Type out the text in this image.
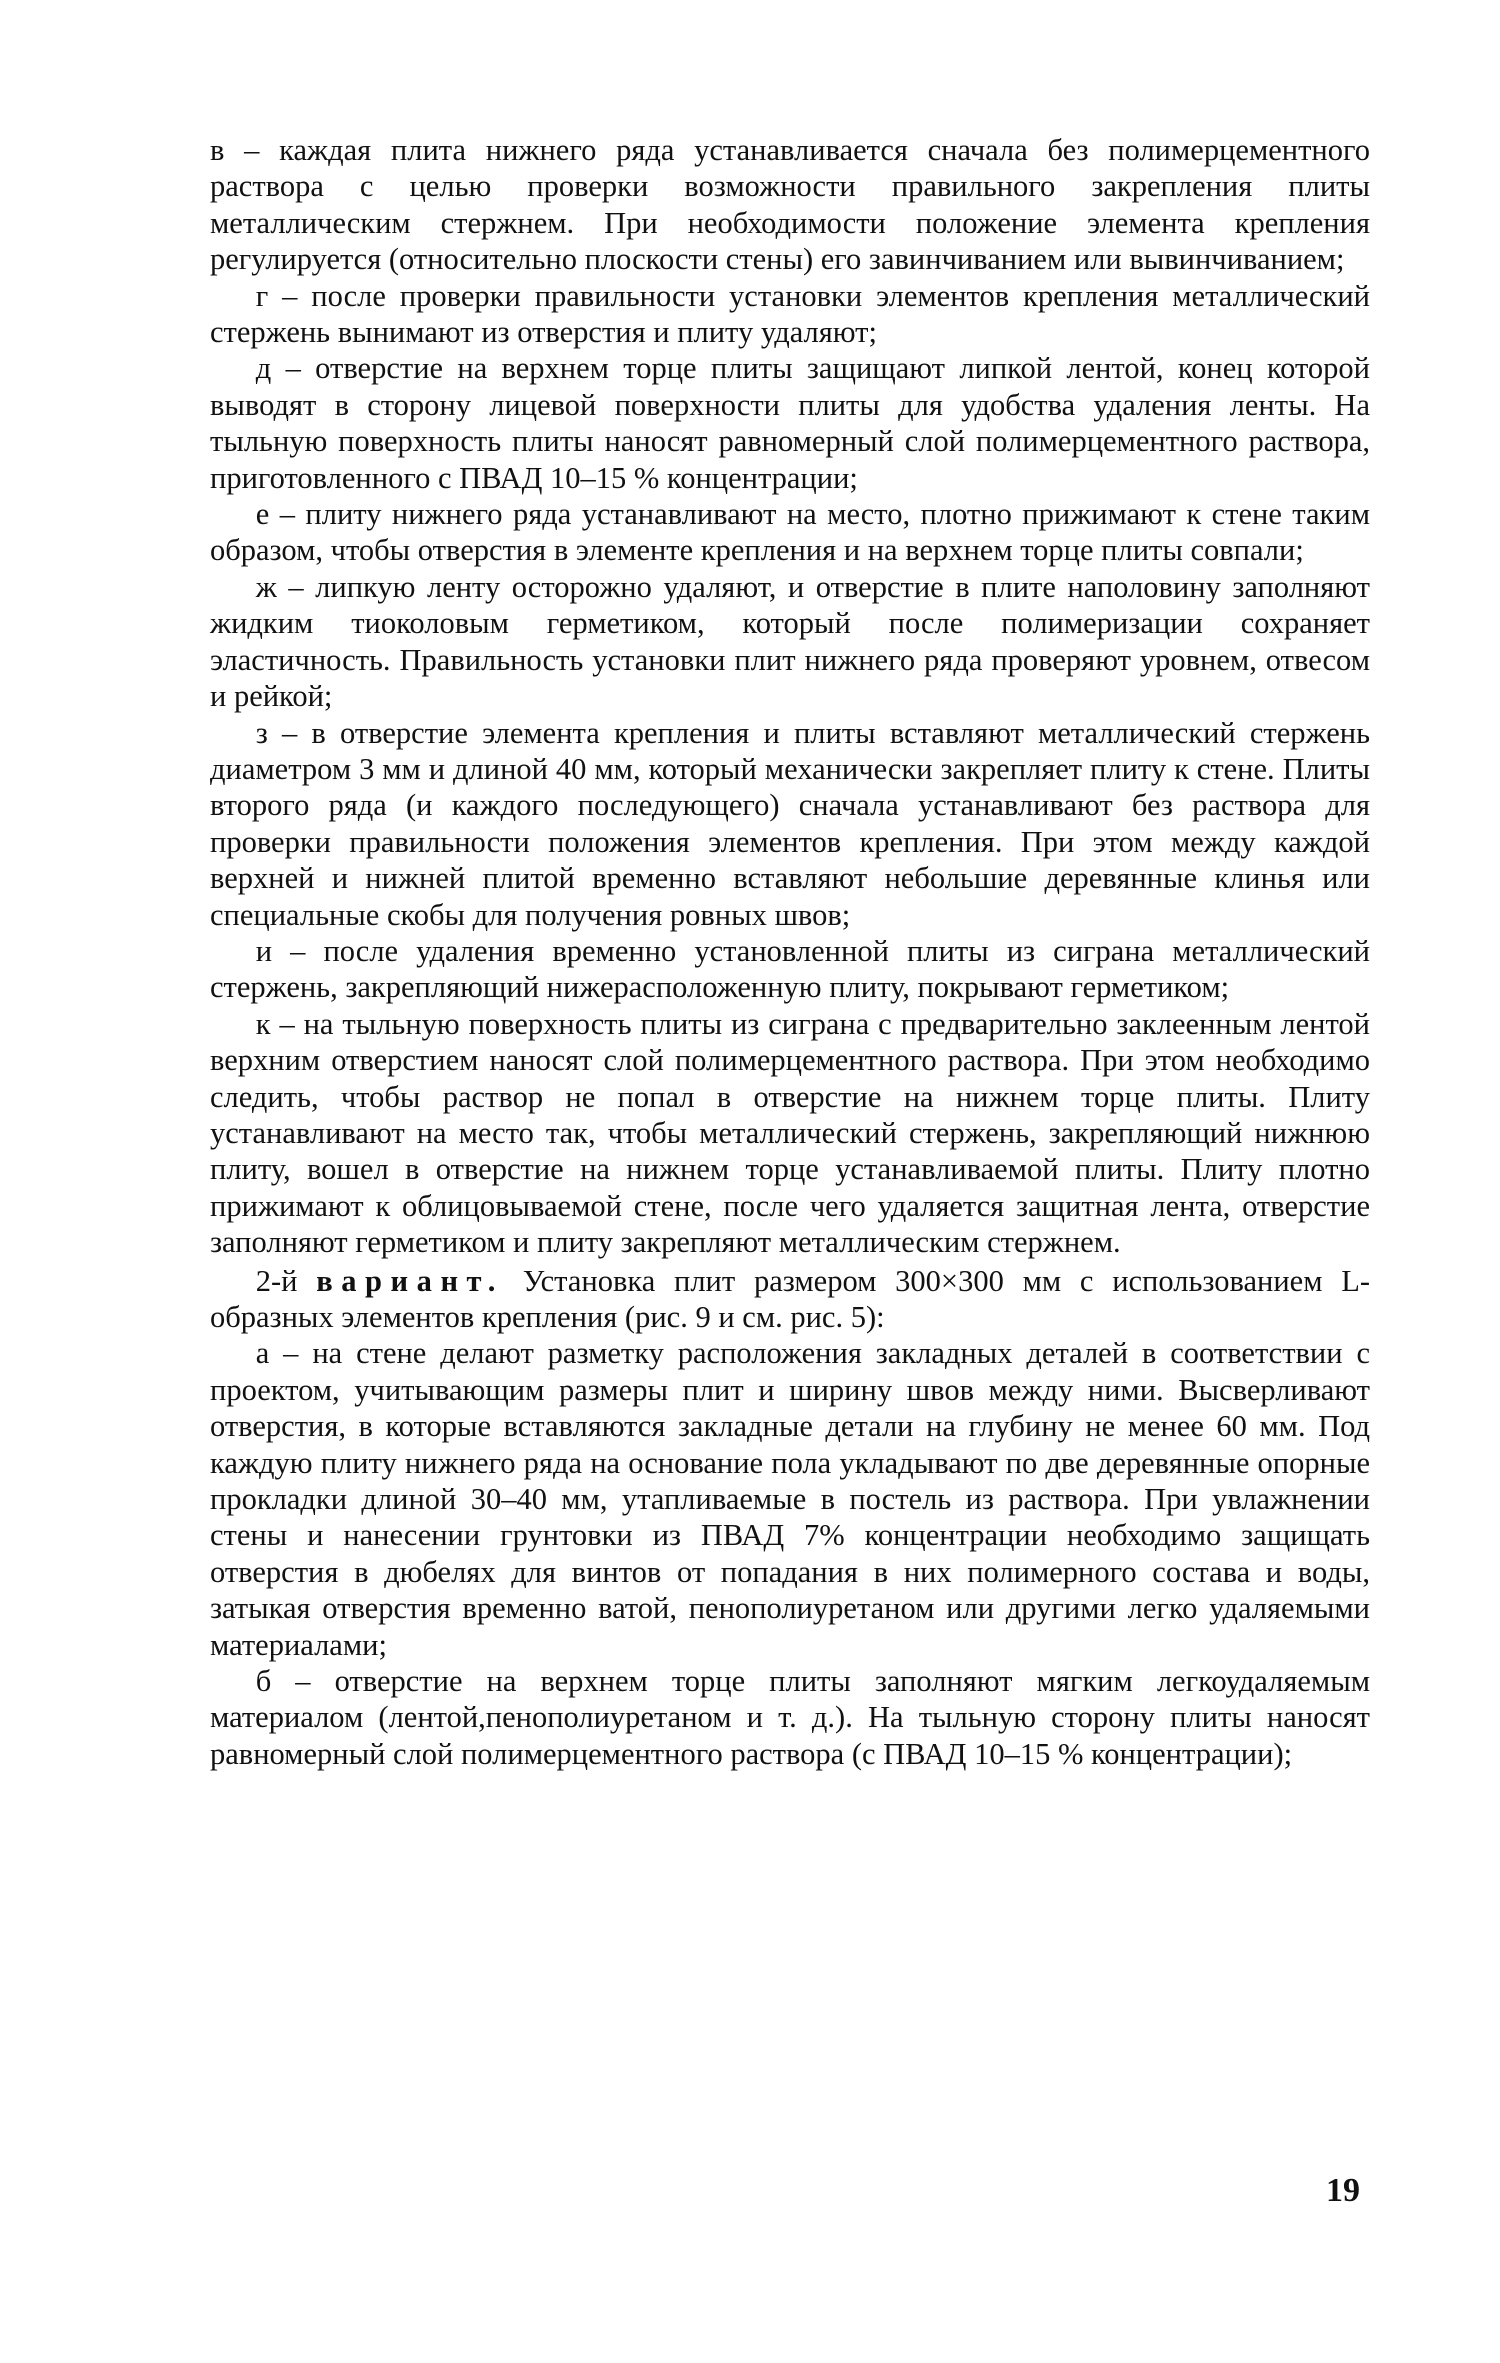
в – каждая плита нижнего ряда устанавливается сначала без полимерцементного раствора с целью проверки возможности правильного закрепления плиты металлическим стержнем. При необходимости положение элемента крепления регулируется (относительно плоскости стены) его завинчиванием или вывинчиванием;

г – после проверки правильности установки элементов крепления металлический стержень вынимают из отверстия и плиту удаляют;

д – отверстие на верхнем торце плиты защищают липкой лентой, конец которой выводят в сторону лицевой поверхности плиты для удобства удаления ленты. На тыльную поверхность плиты наносят равномерный слой полимерцементного раствора, приготовленного с ПВАД 10–15 % концентрации;

е – плиту нижнего ряда устанавливают на место, плотно прижимают к стене таким образом, чтобы отверстия в элементе крепления и на верхнем торце плиты совпали;

ж – липкую ленту осторожно удаляют, и отверстие в плите наполовину заполняют жидким тиоколовым герметиком, который после полимеризации сохраняет эластичность. Правильность установки плит нижнего ряда проверяют уровнем, отвесом и рейкой;

з – в отверстие элемента крепления и плиты вставляют металлический стержень диаметром 3 мм и длиной 40 мм, который механически закрепляет плиту к стене. Плиты второго ряда (и каждого последующего) сначала устанавливают без раствора для проверки правильности положения элементов крепления. При этом между каждой верхней и нижней плитой временно вставляют небольшие деревянные клинья или специальные скобы для получения ровных швов;

и – после удаления временно установленной плиты из сиграна металлический стержень, закрепляющий нижерасположенную плиту, покрывают герметиком;

к – на тыльную поверхность плиты из сиграна с предварительно заклеенным лентой верхним отверстием наносят слой полимерцементного раствора. При этом необходимо следить, чтобы раствор не попал в отверстие на нижнем торце плиты. Плиту устанавливают на место так, чтобы металлический стержень, закрепляющий нижнюю плиту, вошел в отверстие на нижнем торце устанавливаемой плиты. Плиту плотно прижимают к облицовываемой стене, после чего удаляется защитная лента, отверстие заполняют герметиком и плиту закрепляют металлическим стержнем.

2-й вариант. Установка плит размером 300×300 мм с использованием L-образных элементов крепления (рис. 9 и см. рис. 5):

а – на стене делают разметку расположения закладных деталей в соответствии с проектом, учитывающим размеры плит и ширину швов между ними. Высверливают отверстия, в которые вставляются закладные детали на глубину не менее 60 мм. Под каждую плиту нижнего ряда на основание пола укладывают по две деревянные опорные прокладки длиной 30–40 мм, утапливаемые в постель из раствора. При увлажнении стены и нанесении грунтовки из ПВАД 7% концентрации необходимо защищать отверстия в дюбелях для винтов от попадания в них полимерного состава и воды, затыкая отверстия временно ватой, пенополиуретаном или другими легко удаляемыми материалами;

б – отверстие на верхнем торце плиты заполняют мягким легкоудаляемым материалом (лентой,пенополиуретаном и т. д.). На тыльную сторону плиты наносят равномерный слой полимерцементного раствора (с ПВАД 10–15 % концентрации);

19
